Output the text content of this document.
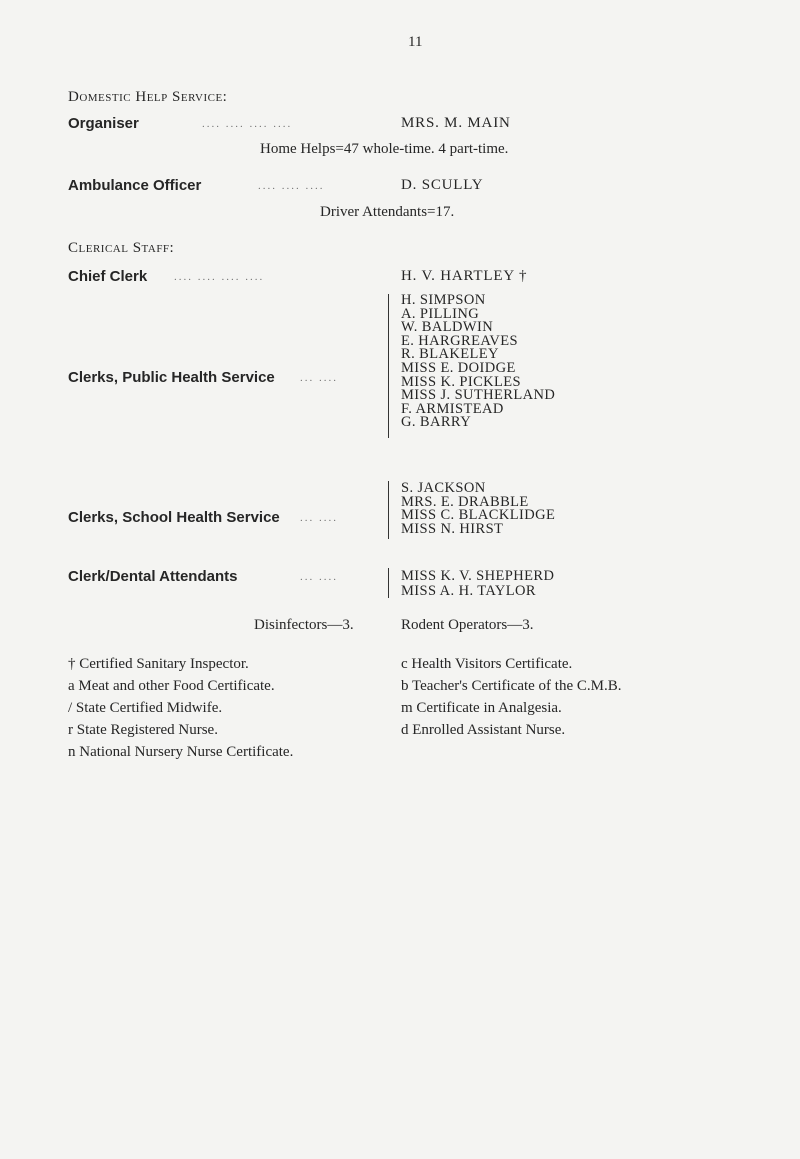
11
Domestic Help Service:
Organiser	.... .... .... ....	MRS. M. MAIN
Home Helps=47 whole-time. 4 part-time.
Ambulance Officer	.... .... ....	D. SCULLY
Driver Attendants=17.
Clerical Staff:
Chief Clerk .... .... .... ....	H. V. HARTLEY †
Clerks, Public Health Service ... ....
H. SIMPSON
A. PILLING
W. BALDWIN
E. HARGREAVES
R. BLAKELEY
MISS E. DOIDGE
MISS K. PICKLES
MISS J. SUTHERLAND
F. ARMISTEAD
G. BARRY
Clerks, School Health Service ... ....
S. JACKSON
MRS. E. DRABBLE
MISS C. BLACKLIDGE
MISS N. HIRST
Clerk/Dental Attendants	... ....	MISS K. V. SHEPHERD
MISS A. H. TAYLOR
Disinfectors—3.	Rodent Operators—3.
† Certified Sanitary Inspector.
a Meat and other Food Certificate.
/ State Certified Midwife.
r State Registered Nurse.
n National Nursery Nurse Certificate.
c Health Visitors Certificate.
b Teacher's Certificate of the C.M.B.
m Certificate in Analgesia.
d Enrolled Assistant Nurse.
